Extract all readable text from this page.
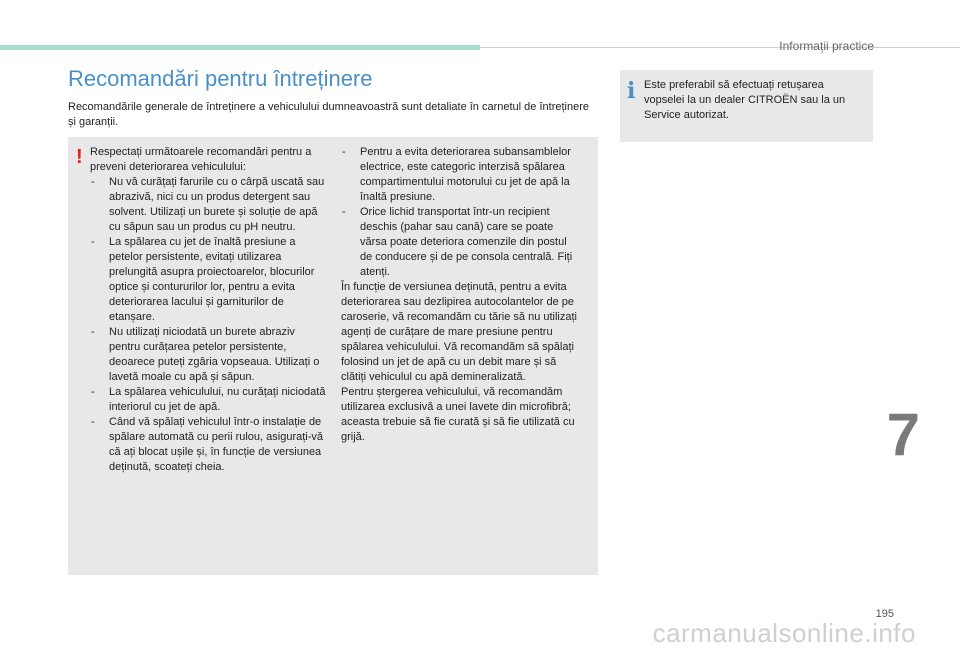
Informații practice
Recomandări pentru întreținere

Recomandările generale de întreținere a vehiculului dumneavoastră sunt detaliate în carnetul de întreținere și garanții.

! Respectați următoarele recomandări pentru a preveni deteriorarea vehiculului:

- Nu vă curățați farurile cu o cârpă uscată sau abrazivă, nici cu un produs detergent sau solvent. Utilizați un burete și soluție de apă cu săpun sau un produs cu pH neutru.
- La spălarea cu jet de înaltă presiune a petelor persistente, evitați utilizarea prelungită asupra proiectoarelor, blocurilor optice și contururilor lor, pentru a evita deteriorarea lacului și garniturilor de etanșare.
- Nu utilizați niciodată un burete abraziv pentru curățarea petelor persistente, deoarece puteți zgâria vopseaua. Utilizați o lavetă moale cu apă și săpun.
- La spălarea vehiculului, nu curățați niciodată interiorul cu jet de apă.
- Când vă spălați vehiculul într-o instalație de spălare automată cu perii rulou, asigurați-vă că ați blocat ușile și, în funcție de versiunea deținută, scoateți cheia.
- Pentru a evita deteriorarea subansamblelor electrice, este categoric interzisă spălarea compartimentului motorului cu jet de apă la înaltă presiune.
- Orice lichid transportat într-un recipient deschis (pahar sau cană) care se poate vărsa poate deteriora comenzile din postul de conducere și de pe consola centrală. Fiți atenți.

În funcție de versiunea deținută, pentru a evita deteriorarea sau dezlipirea autocolantelor de pe caroserie, vă recomandăm cu tărie să nu utilizați agenți de curățare de mare presiune pentru spălarea vehiculului. Vă recomandăm să spălați folosind un jet de apă cu un debit mare și să clătiți vehiculul cu apă demineralizată.

Pentru ștergerea vehiculului, vă recomandăm utilizarea exclusivă a unei lavete din microfibră; aceasta trebuie să fie curată și să fie utilizată cu grijă.

i Este preferabil să efectuați retușarea vopselei la un dealer CITROËN sau la un Service autorizat.

7
195
carmanualsonline.info
